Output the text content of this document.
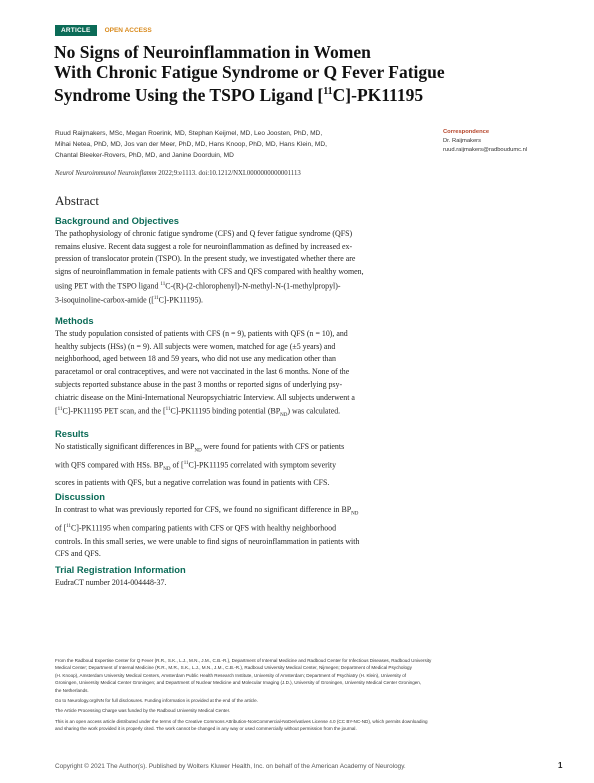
ARTICLE	OPEN ACCESS
No Signs of Neuroinflammation in Women
With Chronic Fatigue Syndrome or Q Fever Fatigue
Syndrome Using the TSPO Ligand [$^{11}$C]-PK11195
Ruud Raijmakers, MSc, Megan Roerink, MD, Stephan Keijmel, MD, Leo Joosten, PhD, MD,
Mihai Netea, PhD, MD, Jos van der Meer, PhD, MD, Hans Knoop, PhD, MD, Hans Klein, MD,
Chantal Bleeker-Rovers, PhD, MD, and Janine Doorduin, MD
Correspondence
Dr. Raijmakers
ruud.raijmakers@radboudumc.nl
Neurol Neuroimmunol Neuroinflamm 2022;9:e1113. doi:10.1212/NXI.0000000000001113
Abstract
Background and Objectives

The pathophysiology of chronic fatigue syndrome (CFS) and Q fever fatigue syndrome (QFS)
remains elusive. Recent data suggest a role for neuroinflammation as defined by increased ex-
pression of translocator protein (TSPO). In the present study, we investigated whether there are
signs of neuroinflammation in female patients with CFS and QFS compared with healthy women,
using PET with the TSPO ligand $^{11}$C-(R)-(2-chlorophenyl)-N-methyl-N-(1-methylpropyl)-
3-isoquinoline-carbox-amide ([$^{11}$C]-PK11195).

Methods

The study population consisted of patients with CFS (n = 9), patients with QFS (n = 10), and
healthy subjects (HSs) (n = 9). All subjects were women, matched for age (±5 years) and
neighborhood, aged between 18 and 59 years, who did not use any medication other than
paracetamol or oral contraceptives, and were not vaccinated in the last 6 months. None of the
subjects reported substance abuse in the past 3 months or reported signs of underlying psy-
chiatric disease on the Mini-International Neuropsychiatric Interview. All subjects underwent a
[$^{11}$C]-PK11195 PET scan, and the [$^{11}$C]-PK11195 binding potential $(BP_{ND})$ was calculated.

Results

No statistically significant differences in $BP_{ND}$ were found for patients with CFS or patients
with QFS compared with HSs. $BP_{ND}$ of [$^{11}$C]-PK11195 correlated with symptom severity
scores in patients with QFS, but a negative correlation was found in patients with CFS.

Discussion

In contrast to what was previously reported for CFS, we found no significant difference in $BP_{ND}$
of [$^{11}$C]-PK11195 when comparing patients with CFS or QFS with healthy neighborhood
controls. In this small series, we were unable to find signs of neuroinflammation in patients with
CFS and QFS.

Trial Registration Information

EudraCT number 2014-004448-37.

From the Radboud Expertise Center for Q Fever (R.R., S.K., L.J., M.N., J.M., C.B.-R.), Department of Internal Medicine and Radboud Center for Infectious Diseases, Radboud University
Medical Center; Department of Internal Medicine (R.R., M.R., S.K., L.J., M.N., J.M., C.B.-R.), Radboud University Medical Center, Nijmegen; Department of Medical Psychology
(H. Knoop), Amsterdam University Medical Centers, Amsterdam Public Health Research Institute, University of Amsterdam; Department of Psychiatry (H. Klein), University of
Groningen, University Medical Center Groningen; and Department of Nuclear Medicine and Molecular Imaging (J.D.), University of Groningen, University Medical Center Groningen,
the Netherlands.
Go to Neurology.org/NN for full disclosures. Funding information is provided at the end of the article.
The Article Processing Charge was funded by the Radboud University Medical Center.
This is an open access article distributed under the terms of the Creative Commons Attribution-NonCommercial-NoDerivatives License 4.0 (CC BY-NC-ND), which permits downloading
and sharing the work provided it is properly cited. The work cannot be changed in any way or used commercially without permission from the journal.
Copyright © 2021 The Author(s). Published by Wolters Kluwer Health, Inc. on behalf of the American Academy of Neurology.	1
